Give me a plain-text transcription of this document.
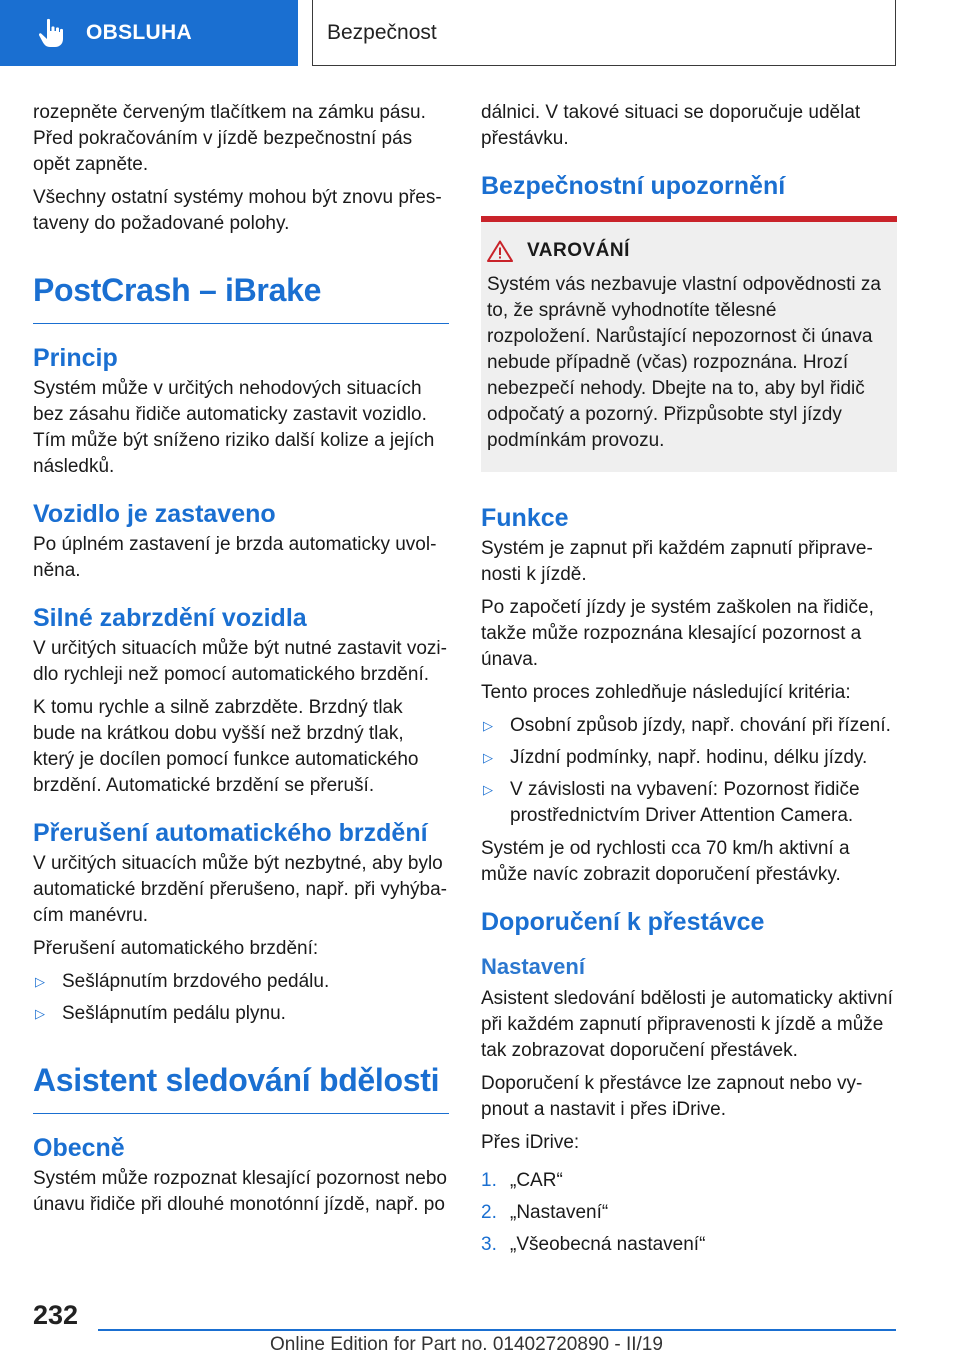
OBSLUHA	Bezpečnost

rozepněte červeným tlačítkem na zámku pásu. Před pokračováním v jízdě bezpečnostní pás opět zapněte.

Všechny ostatní systémy mohou být znovu přestaveny do požadované polohy.

PostCrash – iBrake
Princip

Systém může v určitých nehodových situacích bez zásahu řidiče automaticky zastavit vozidlo. Tím může být sníženo riziko další kolize a jejích následků.

Vozidlo je zastaveno

Po úplném zastavení je brzda automaticky uvolněna.

Silné zabrzdění vozidla

V určitých situacích může být nutné zastavit vozidlo rychleji než pomocí automatického brzdění.

K tomu rychle a silně zabrzděte. Brzdný tlak bude na krátkou dobu vyšší než brzdný tlak, který je docílen pomocí funkce automatického brzdění. Automatické brzdění se přeruší.

Přerušení automatického brzdění

V určitých situacích může být nezbytné, aby bylo automatické brzdění přerušeno, např. při vyhýbacím manévru.

Přerušení automatického brzdění:

▷ Sešlápnutím brzdového pedálu.
▷ Sešlápnutím pedálu plynu.
Asistent sledování bdělosti
Obecně

Systém může rozpoznat klesající pozornost nebo únavu řidiče při dlouhé monotónní jízdě, např. po

dálnici. V takové situaci se doporučuje udělat přestávku.

Bezpečnostní upozornění
VAROVÁNÍ

Systém vás nezbavuje vlastní odpovědnosti za to, že správně vyhodnotíte tělesné rozpoložení. Narůstající nepozornost či únava nebude případně (včas) rozpoznána. Hrozí nebezpečí nehody. Dbejte na to, aby byl řidič odpočatý a pozorný. Přizpůsobte styl jízdy podmínkám provozu.

Funkce

Systém je zapnut při každém zapnutí připravenosti k jízdě.

Po započetí jízdy je systém zaškolen na řidiče, takže může rozpoznána klesající pozornost a únava.

Tento proces zohledňuje následující kritéria:

▷ Osobní způsob jízdy, např. chování při řízení.
▷ Jízdní podmínky, např. hodinu, délku jízdy.
▷ V závislosti na vybavení: Pozornost řidiče prostřednictvím Driver Attention Camera.

Systém je od rychlosti cca 70 km/h aktivní a může navíc zobrazit doporučení přestávky.

Doporučení k přestávce
Nastavení

Asistent sledování bdělosti je automaticky aktivní při každém zapnutí připravenosti k jízdě a může tak zobrazovat doporučení přestávek.

Doporučení k přestávce lze zapnout nebo vypnout a nastavit i přes iDrive.

Přes iDrive:

1. „CAR“
2. „Nastavení“
3. „Všeobecná nastavení“
232
Online Edition for Part no. 01402720890 - II/19
